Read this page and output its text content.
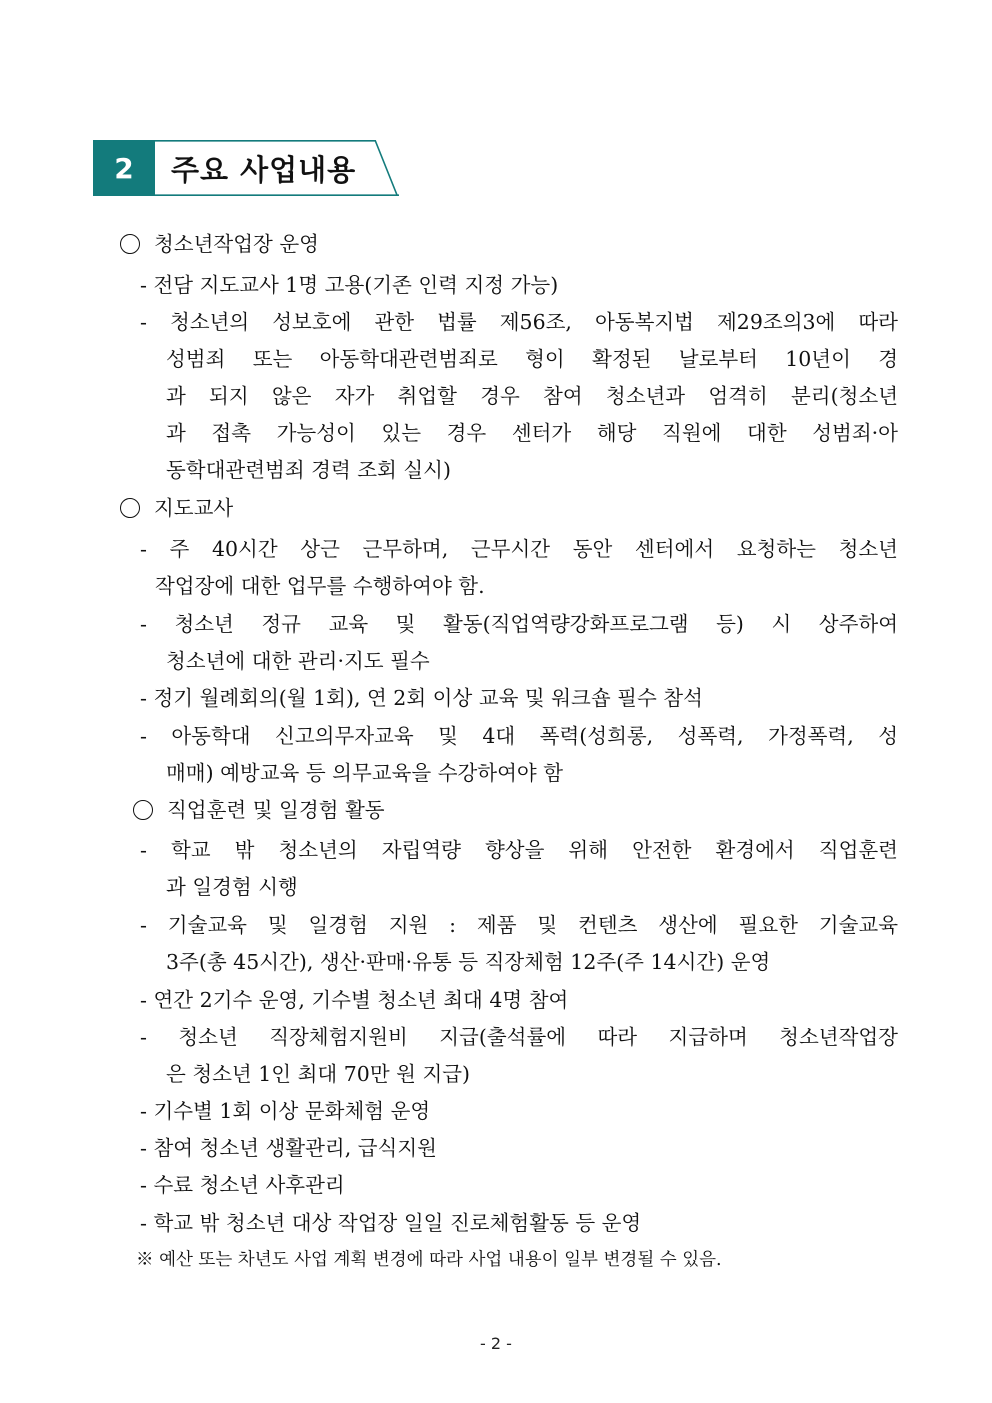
2	주요 사업내용
청소년작업장 운영
- 전담 지도교사 1명 고용(기존 인력 지정 가능)
- 청소년의 성보호에 관한 법률 제56조, 아동복지법 제29조의3에 따라
성범죄 또는 아동학대관련범죄로 형이 확정된 날로부터 10년이 경
과 되지 않은 자가 취업할 경우 참여 청소년과 엄격히 분리(청소년
과 접촉 가능성이 있는 경우 센터가 해당 직원에 대한 성범죄·아
동학대관련범죄 경력 조회 실시)
지도교사
- 주 40시간 상근 근무하며, 근무시간 동안 센터에서 요청하는 청소년
작업장에 대한 업무를 수행하여야 함.
- 청소년 정규 교육 및 활동(직업역량강화프로그램 등) 시 상주하여
청소년에 대한 관리·지도 필수
- 정기 월례회의(월 1회), 연 2회 이상 교육 및 워크숍 필수 참석
- 아동학대 신고의무자교육 및 4대 폭력(성희롱, 성폭력, 가정폭력, 성
매매) 예방교육 등 의무교육을 수강하여야 함
직업훈련 및 일경험 활동
- 학교 밖 청소년의 자립역량 향상을 위해 안전한 환경에서 직업훈련
과 일경험 시행
- 기술교육 및 일경험 지원 : 제품 및 컨텐츠 생산에 필요한 기술교육
3주(총 45시간), 생산·판매·유통 등 직장체험 12주(주 14시간) 운영
- 연간 2기수 운영, 기수별 청소년 최대 4명 참여
- 청소년 직장체험지원비 지급(출석률에 따라 지급하며 청소년작업장
은 청소년 1인 최대 70만 원 지급)
- 기수별 1회 이상 문화체험 운영
- 참여 청소년 생활관리, 급식지원
- 수료 청소년 사후관리
- 학교 밖 청소년 대상 작업장 일일 진로체험활동 등 운영
※ 예산 또는 차년도 사업 계획 변경에 따라 사업 내용이 일부 변경될 수 있음.
- 2 -
